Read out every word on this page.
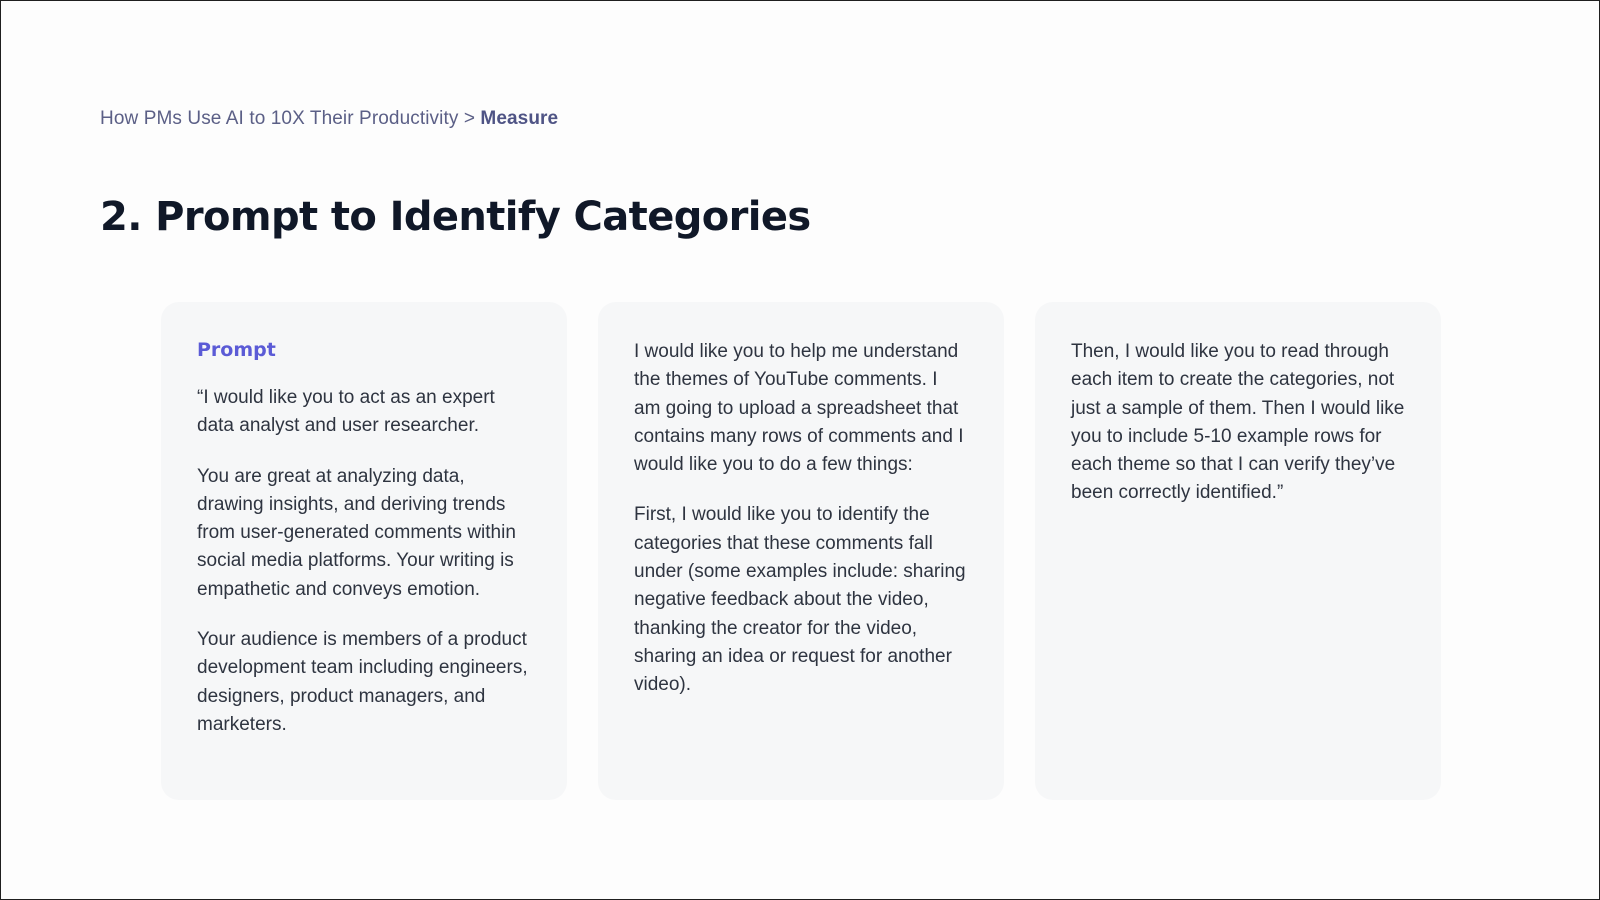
How PMs Use AI to 10X Their Productivity > Measure
2. Prompt to Identify Categories
Prompt

“I would like you to act as an expert data analyst and user researcher.

You are great at analyzing data, drawing insights, and deriving trends from user-generated comments within social media platforms. Your writing is empathetic and conveys emotion.

Your audience is members of a product development team including engineers, designers, product managers, and marketers.

I would like you to help me understand the themes of YouTube comments. I am going to upload a spreadsheet that contains many rows of comments and I would like you to do a few things:

First, I would like you to identify the categories that these comments fall under (some examples include: sharing negative feedback about the video, thanking the creator for the video, sharing an idea or request for another video).

Then, I would like you to read through each item to create the categories, not just a sample of them. Then I would like you to include 5-10 example rows for each theme so that I can verify they’ve been correctly identified.”
